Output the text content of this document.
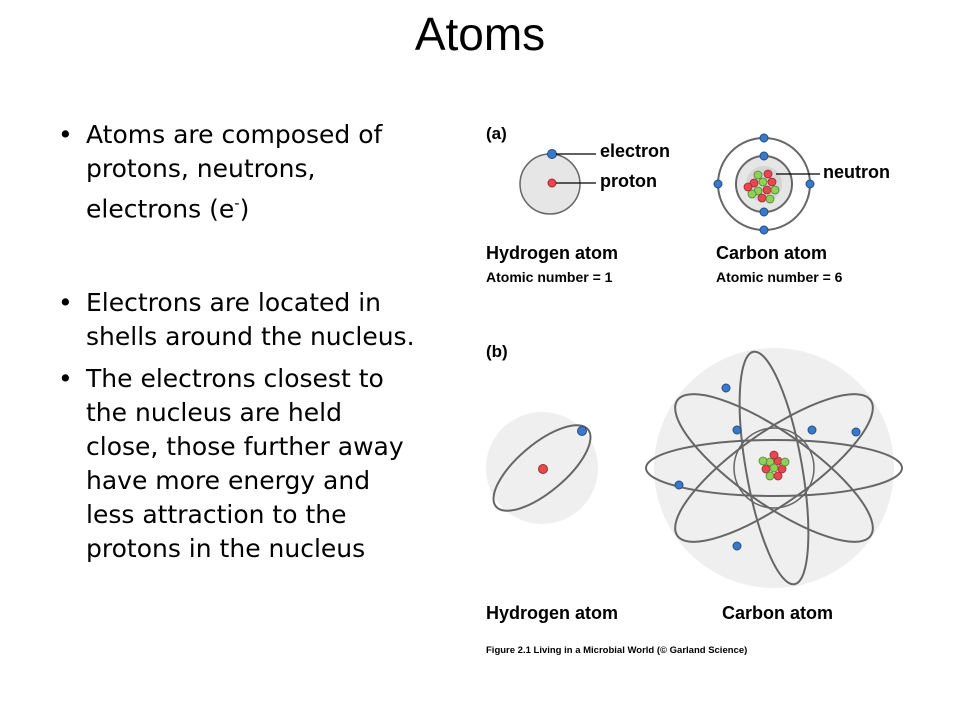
Atoms
• Atoms are composed of protons, neutrons, electrons (e-)
• Electrons are located in shells around the nucleus.
• The electrons closest to the nucleus are held close, those further away have more energy and less attraction to the protons in the nucleus
(a)
electron
proton	neutron
Hydrogen atom
Atomic number = 1
Carbon atom
Atomic number = 6
(b)
Hydrogen atom	Carbon atom
Figure 2.1 Living in a Microbial World (© Garland Science)
